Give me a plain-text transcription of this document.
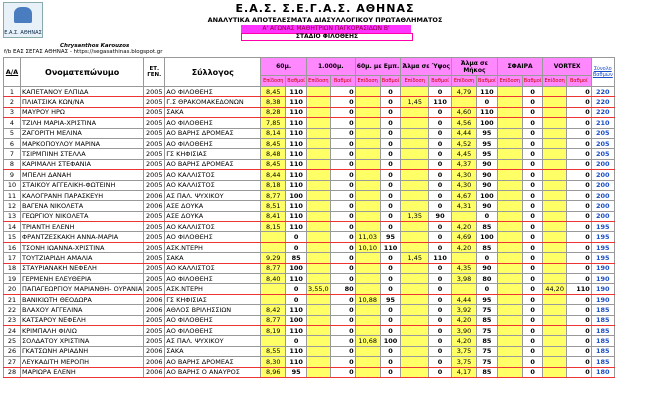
Ε.Α.Σ. ΑΘΗΝΑΣ
Ε.Α.Σ. Σ.Ε.Γ.Α.Σ. ΑΘΗΝΑΣ
ΑΝΑΛΥΤΙΚΑ ΑΠΟΤΕΛΕΣΜΑΤΑ ΔΙΑΣΥΛΛΟΓΙΚΟΥ ΠΡΩΤΑΘΛΗΜΑΤΟΣ
Α' ΑΓΩΝΑΣ ΜΑΘΗΤΡΙΩΝ ΠΑΓΚΟΡΑΣΙΔΩΝ Β'
ΣΤΑΔΙΟ ΦΙΛΟΘΕΗΣ
Chrysanthos Karouzos
f/b ΕΑΣ ΣΕΓΑΣ ΑΘΗΝΑΣ - https://segasathinas.blogspot.gr
Α/Α	Ονοματεπώνυμο	ΕΤ. ΓΕΝ.	Σύλλογος	60μ.		1.000μ.		60μ. με Εμπ.		Άλμα σε Ύψος		Άλμα σε Μήκος		ΣΦΑΙΡΑ		VORTEX		Σύνολο Βαθμών
				Επίδοση	Βαθμοί	Επίδοση	Βαθμοί	Επίδοση	Βαθμοί	Επίδοση	Βαθμοί	Επίδοση	Βαθμοί	Επίδοση	Βαθμοί	Επίδοση	Βαθμοί	
1	ΚΑΠΕΤΑΝΟΥ ΕΛΠΙΔΑ	2005	ΑΟ ΦΙΛΟΘΕΗΣ	8,45	110		0		0		0	4,79	110		0		0	220
2	ΠΛΙΑΤΣΙΚΑ ΚΩΝ/ΝΑ	2005	Γ.Σ ΘΡΑΚΟΜΑΚΕΔΟΝΩΝ	8,38	110		0		0	1,45	110		0		0		0	220
3	ΜΑΥΡΟΥ ΗΡΩ	2005	ΣΑΚΑ	8,28	110		0		0		0	4,60	110		0		0	220
4	ΤΖΙΛΗ ΜΑΡΙΑ-ΧΡΙΣΤΙΝΑ	2005	ΑΟ ΦΙΛΟΘΕΗΣ	7,85	110		0		0		0	4,56	100		0		0	210
5	ΖΑΓΟΡΙΤΗ ΜΕΛΙΝΑ	2005	ΑΟ ΒΑΡΗΣ ΔΡΟΜΕΑΣ	8,14	110		0		0		0	4,44	95		0		0	205
6	ΜΑΡΚΟΠΟΥΛΟΥ ΜΑΡΙΝΑ	2005	ΑΟ ΦΙΛΟΘΕΗΣ	8,45	110		0		0		0	4,52	95		0		0	205
7	ΤΣΙΡΜΠΙΝΗ ΣΤΕΛΛΑ	2005	ΓΣ ΚΗΦΙΣΙΑΣ	8,48	110		0		0		0	4,45	95		0		0	205
8	ΚΑΡΙΜΑΛΗ ΣΤΕΦΑΝΙΑ	2005	ΑΟ ΒΑΡΗΣ ΔΡΟΜΕΑΣ	8,45	110		0		0		0	4,37	90		0		0	200
9	ΜΠΕΛΗ ΔΑΝΑΗ	2005	ΑΟ ΚΑΛΛΙΣΤΟΣ	8,44	110		0		0		0	4,30	90		0		0	200
10	ΣΤΑΙΚΟΥ ΑΓΓΕΛΙΚΗ-ΦΩΤΕΙΝΗ	2005	ΑΟ ΚΑΛΛΙΣΤΟΣ	8,18	110		0		0		0	4,30	90		0		0	200
11	ΚΑΛΟΓΡΑΝΗ ΠΑΡΑΣΚΕΥΗ	2006	ΑΣ ΠΑΛ. ΨΥΧΙΚΟΥ	8,77	100		0		0		0	4,67	100		0		0	200
12	ΒΑΓΕΝΑ ΝΙΚΟΛΕΤΑ	2006	ΑΣΕ ΔΟΥΚΑ	8,51	110		0		0		0	4,31	90		0		0	200
13	ΓΕΩΡΓΙΟΥ ΝΙΚΟΛΕΤΑ	2005	ΑΣΕ ΔΟΥΚΑ	8,41	110		0		0	1,35	90		0		0		0	200
14	ΤΡΙΑΝΤΗ ΕΛΕΝΗ	2005	ΑΟ ΚΑΛΛΙΣΤΟΣ	8,15	110		0		0		0	4,20	85		0		0	195
15	ΦΡΑΝΤΖΕΣΚΑΚΗ ΑΝΝΑ-ΜΑΡΙΑ	2005	ΑΟ ΦΙΛΟΘΕΗΣ		0		0	11,03	95		0	4,69	100		0		0	195
16	ΤΣΟΝΗ ΙΩΑΝΝΑ-ΧΡΙΣΤΙΝΑ	2005	ΑΣΚ.ΝΤΕΡΗ		0		0	10,10	110		0	4,20	85		0		0	195
17	ΤΟΥΤΖΙΑΡΙΔΗ ΑΜΑΛΙΑ	2005	ΣΑΚΑ	9,29	85		0		0	1,45	110		0		0		0	195
18	ΣΤΑΥΡΙΑΝΑΚΗ ΝΕΦΕΛΗ	2005	ΑΟ ΚΑΛΛΙΣΤΟΣ	8,77	100		0		0		0	4,35	90		0		0	190
19	ΓΕΡΜΕΝΗ ΕΛΕΥΘΕΡΙΑ	2005	ΑΟ ΦΙΛΟΘΕΗΣ	8,40	110		0		0		0	3,98	80		0		0	190
20	ΠΑΠΑΓΕΩΡΓΙΟΥ ΜΑΡΙΑΝΘΗ- ΟΥΡΑΝΙΑ	2005	ΑΣΚ.ΝΤΕΡΗ		0	3,55,0	80		0		0		0		0	44,20	110	190
21	ΒΑΝΙΚΙΩΤΗ ΘΕΟΔΩΡΑ	2006	ΓΣ ΚΗΦΙΣΙΑΣ		0		0	10,88	95		0	4,44	95		0		0	190
22	ΒΛΑΧΟΥ ΑΓΓΕΛΙΝΑ	2006	ΑΘΛΟΣ ΒΡΙΛΗΣΣΙΩΝ	8,42	110		0		0		0	3,92	75		0		0	185
23	ΚΑΤΣΑΡΟΥ ΝΕΦΕΛΗ	2005	ΑΟ ΦΙΛΟΘΕΗΣ	8,77	100		0		0		0	4,20	85		0		0	185
24	ΚΡΙΜΠΑΛΗ ΦΙΛΙΩ	2005	ΑΟ ΦΙΛΟΘΕΗΣ	8,19	110		0		0		0	3,90	75		0		0	185
25	ΣΟΛΔΑΤΟΥ ΧΡΙΣΤΙΝΑ	2005	ΑΣ ΠΑΛ. ΨΥΧΙΚΟΥ		0		0	10,68	100		0	4,20	85		0		0	185
26	ΓΚΑΤΣΩΝΗ ΑΡΙΑΔΝΗ	2006	ΣΑΚΑ	8,55	110		0		0		0	3,75	75		0		0	185
27	ΛΕΥΚΑΔΙΤΗ ΜΕΡΟΠΗ	2006	ΑΟ ΒΑΡΗΣ ΔΡΟΜΕΑΣ	8,30	110		0		0		0	3,75	75		0		0	185
28	ΜΑΡΙΩΡΑ ΕΛΕΝΗ	2006	ΑΟ ΒΑΡΗΣ Ο ΑΝΑΥΡΟΣ	8,96	95		0		0		0	4,17	85		0		0	180
